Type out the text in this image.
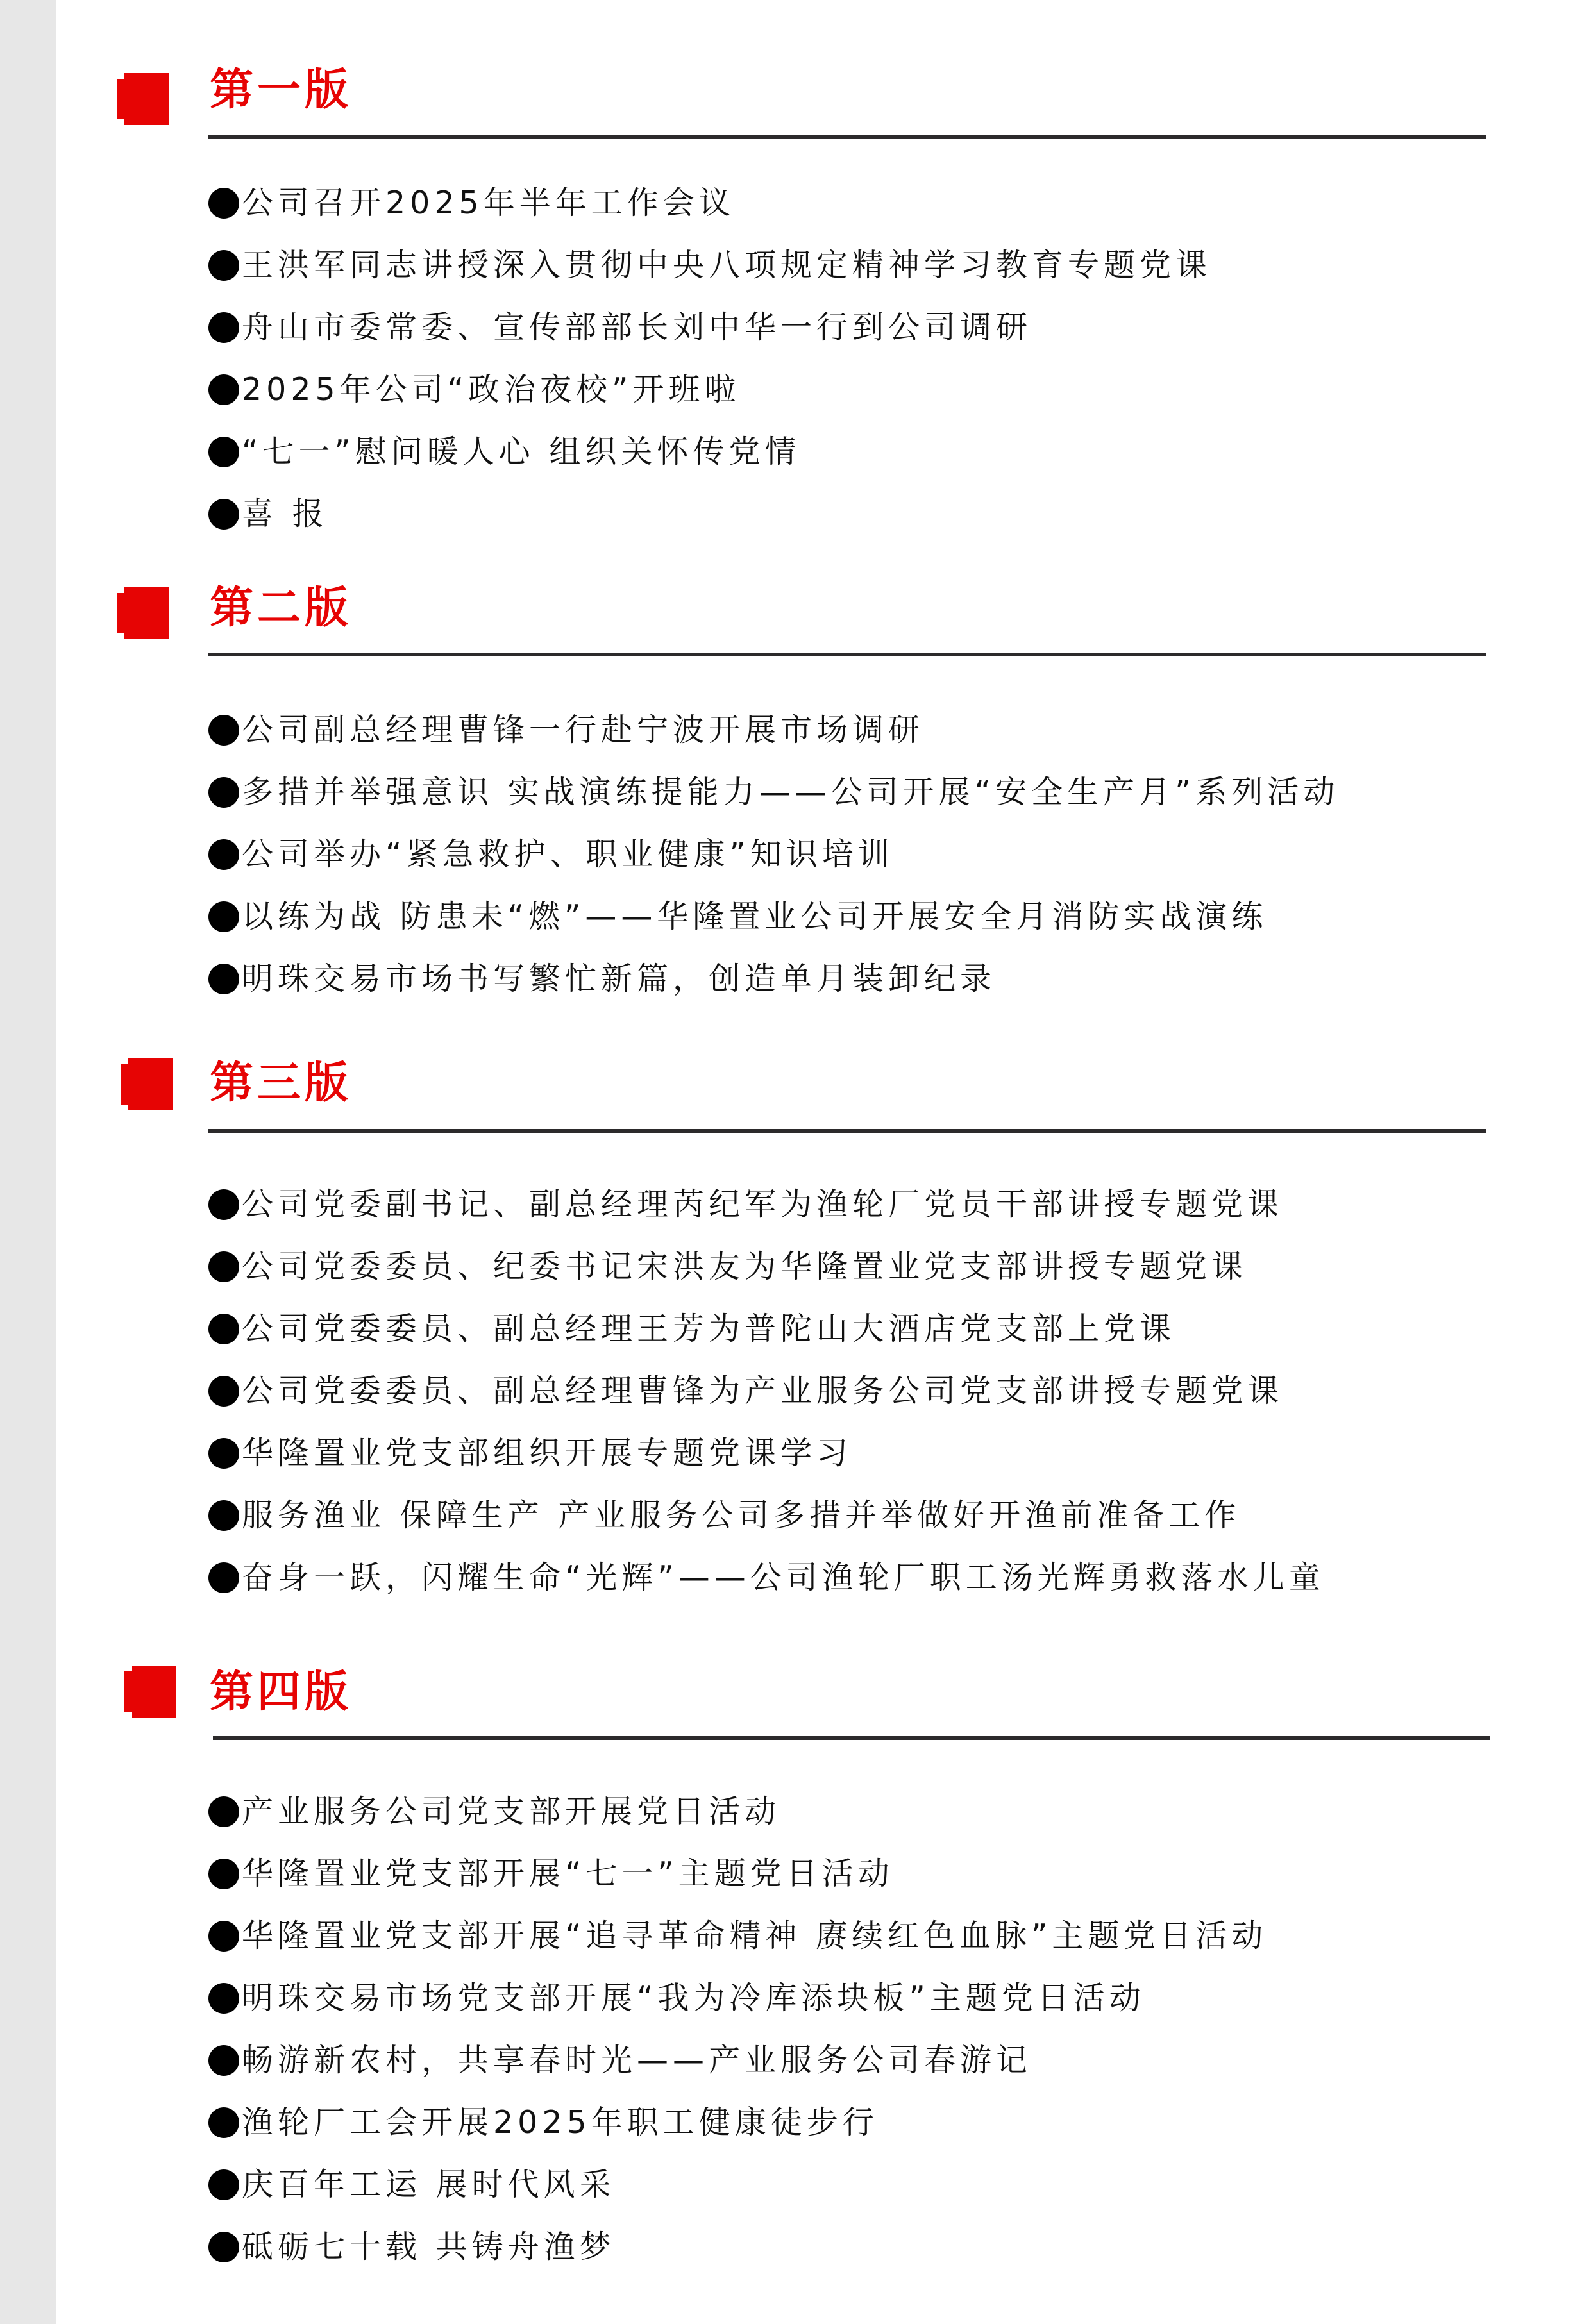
第一版
公司召开2025年半年工作会议
王洪军同志讲授深入贯彻中央八项规定精神学习教育专题党课
舟山市委常委、宣传部部长刘中华一行到公司调研
2025年公司“政治夜校”开班啦
“七一”慰问暖人心 组织关怀传党情
喜 报
第二版
公司副总经理曹锋一行赴宁波开展市场调研
多措并举强意识 实战演练提能力——公司开展“安全生产月”系列活动
公司举办“紧急救护、职业健康”知识培训
以练为战 防患未“燃”——华隆置业公司开展安全月消防实战演练
明珠交易市场书写繁忙新篇，创造单月装卸纪录
第三版
公司党委副书记、副总经理芮纪军为渔轮厂党员干部讲授专题党课
公司党委委员、纪委书记宋洪友为华隆置业党支部讲授专题党课
公司党委委员、副总经理王芳为普陀山大酒店党支部上党课
公司党委委员、副总经理曹锋为产业服务公司党支部讲授专题党课
华隆置业党支部组织开展专题党课学习
服务渔业 保障生产 产业服务公司多措并举做好开渔前准备工作
奋身一跃，闪耀生命“光辉”——公司渔轮厂职工汤光辉勇救落水儿童
第四版
产业服务公司党支部开展党日活动
华隆置业党支部开展“七一”主题党日活动
华隆置业党支部开展“追寻革命精神 赓续红色血脉”主题党日活动
明珠交易市场党支部开展“我为冷库添块板”主题党日活动
畅游新农村，共享春时光——产业服务公司春游记
渔轮厂工会开展2025年职工健康徒步行
庆百年工运 展时代风采
砥砺七十载 共铸舟渔梦
